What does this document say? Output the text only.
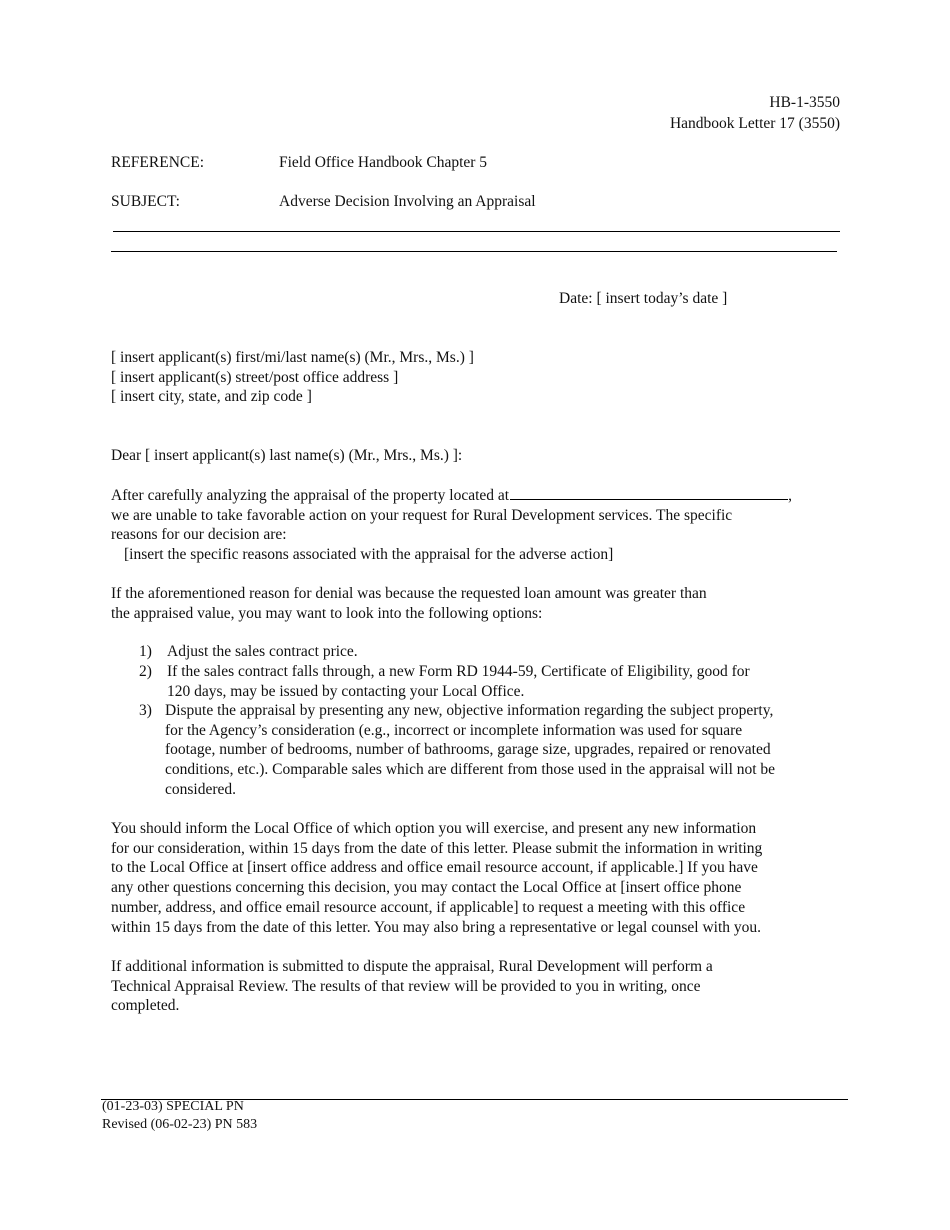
HB-1-3550
Handbook Letter 17 (3550)
REFERENCE:	Field Office Handbook Chapter 5
SUBJECT:	Adverse Decision Involving an Appraisal
Date: [ insert today’s date ]
[ insert applicant(s) first/mi/last name(s) (Mr., Mrs., Ms.) ]
[ insert applicant(s) street/post office address ]
[ insert city, state, and zip code ]
Dear [ insert applicant(s) last name(s) (Mr., Mrs., Ms.) ]:
After carefully analyzing the appraisal of the property located at	,
we are unable to take favorable action on your request for Rural Development services. The specific
reasons for our decision are:
[insert the specific reasons associated with the appraisal for the adverse action]
If the aforementioned reason for denial was because the requested loan amount was greater than
the appraised value, you may want to look into the following options:
1) Adjust the sales contract price.
2) If the sales contract falls through, a new Form RD 1944-59, Certificate of Eligibility, good for
120 days, may be issued by contacting your Local Office.
3) Dispute the appraisal by presenting any new, objective information regarding the subject property,
for the Agency’s consideration (e.g., incorrect or incomplete information was used for square
footage, number of bedrooms, number of bathrooms, garage size, upgrades, repaired or renovated
conditions, etc.). Comparable sales which are different from those used in the appraisal will not be
considered.
You should inform the Local Office of which option you will exercise, and present any new information
for our consideration, within 15 days from the date of this letter. Please submit the information in writing
to the Local Office at [insert office address and office email resource account, if applicable.] If you have
any other questions concerning this decision, you may contact the Local Office at [insert office phone
number, address, and office email resource account, if applicable] to request a meeting with this office
within 15 days from the date of this letter. You may also bring a representative or legal counsel with you.
If additional information is submitted to dispute the appraisal, Rural Development will perform a
Technical Appraisal Review. The results of that review will be provided to you in writing, once
completed.
(01-23-03) SPECIAL PN
Revised (06-02-23) PN 583
